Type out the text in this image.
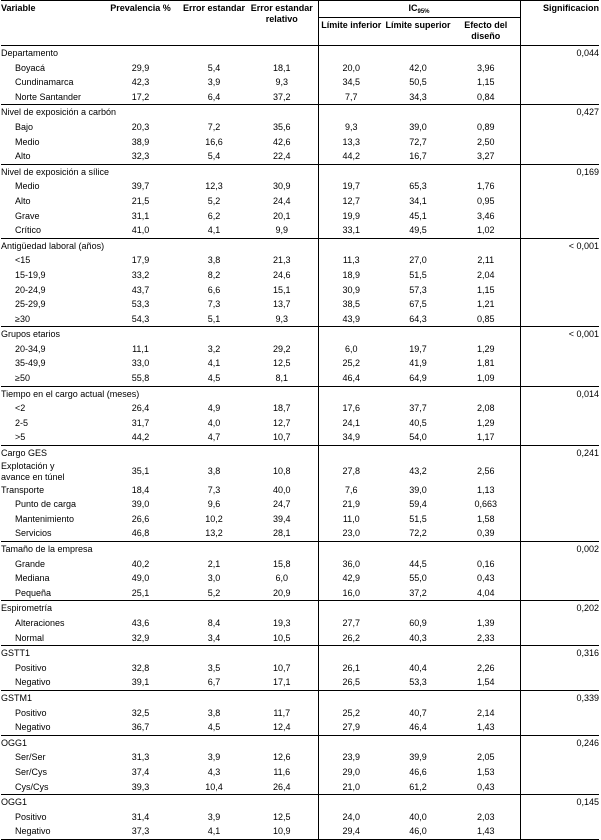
Variable	Prevalencia %	Error estandar	Error estandar relativo	$IC_{95\%}$			Significacion
				Límite inferior	Límite superior	Efecto del diseño	
Departamento							0,044
Boyacá	29,9	5,4	18,1	20,0	42,0	3,96	
Cundinamarca	42,3	3,9	9,3	34,5	50,5	1,15	
Norte Santander	17,2	6,4	37,2	7,7	34,3	0,84	
Nivel de exposición a carbón							0,427
Bajo	20,3	7,2	35,6	9,3	39,0	0,89	
Medio	38,9	16,6	42,6	13,3	72,7	2,50	
Alto	32,3	5,4	22,4	44,2	16,7	3,27	
Nivel de exposición a sílice							0,169
Medio	39,7	12,3	30,9	19,7	65,3	1,76	
Alto	21,5	5,2	24,4	12,7	34,1	0,95	
Grave	31,1	6,2	20,1	19,9	45,1	3,46	
Crítico	41,0	4,1	9,9	33,1	49,5	1,02	
Antigüedad laboral (años)							< 0,001
<15	17,9	3,8	21,3	11,3	27,0	2,11	
15-19,9	33,2	8,2	24,6	18,9	51,5	2,04	
20-24,9	43,7	6,6	15,1	30,9	57,3	1,15	
25-29,9	53,3	7,3	13,7	38,5	67,5	1,21	
≥30	54,3	5,1	9,3	43,9	64,3	0,85	
Grupos etarios							< 0,001
20-34,9	11,1	3,2	29,2	6,0	19,7	1,29	
35-49,9	33,0	4,1	12,5	25,2	41,9	1,81	
≥50	55,8	4,5	8,1	46,4	64,9	1,09	
Tiempo en el cargo actual (meses)							0,014
<2	26,4	4,9	18,7	17,6	37,7	2,08	
2-5	31,7	4,0	12,7	24,1	40,5	1,29	
>5	44,2	4,7	10,7	34,9	54,0	1,17	
Cargo GES							0,241
Explotación y
avance en túnel	35,1	3,8	10,8	27,8	43,2	2,56	
Transporte	18,4	7,3	40,0	7,6	39,0	1,13	
Punto de carga	39,0	9,6	24,7	21,9	59,4	0,663	
Mantenimiento	26,6	10,2	39,4	11,0	51,5	1,58	
Servicios	46,8	13,2	28,1	23,0	72,2	0,39	
Tamaño de la empresa							0,002
Grande	40,2	2,1	15,8	36,0	44,5	0,16	
Mediana	49,0	3,0	6,0	42,9	55,0	0,43	
Pequeña	25,1	5,2	20,9	16,0	37,2	4,04	
Espirometría							0,202
Alteraciones	43,6	8,4	19,3	27,7	60,9	1,39	
Normal	32,9	3,4	10,5	26,2	40,3	2,33	
GSTT1							0,316
Positivo	32,8	3,5	10,7	26,1	40,4	2,26	
Negativo	39,1	6,7	17,1	26,5	53,3	1,54	
GSTM1							0,339
Positivo	32,5	3,8	11,7	25,2	40,7	2,14	
Negativo	36,7	4,5	12,4	27,9	46,4	1,43	
OGG1							0,246
Ser/Ser	31,3	3,9	12,6	23,9	39,9	2,05	
Ser/Cys	37,4	4,3	11,6	29,0	46,6	1,53	
Cys/Cys	39,3	10,4	26,4	21,0	61,2	0,43	
OGG1							0,145
Positivo	31,4	3,9	12,5	24,0	40,0	2,03	
Negativo	37,3	4,1	10,9	29,4	46,0	1,43	
